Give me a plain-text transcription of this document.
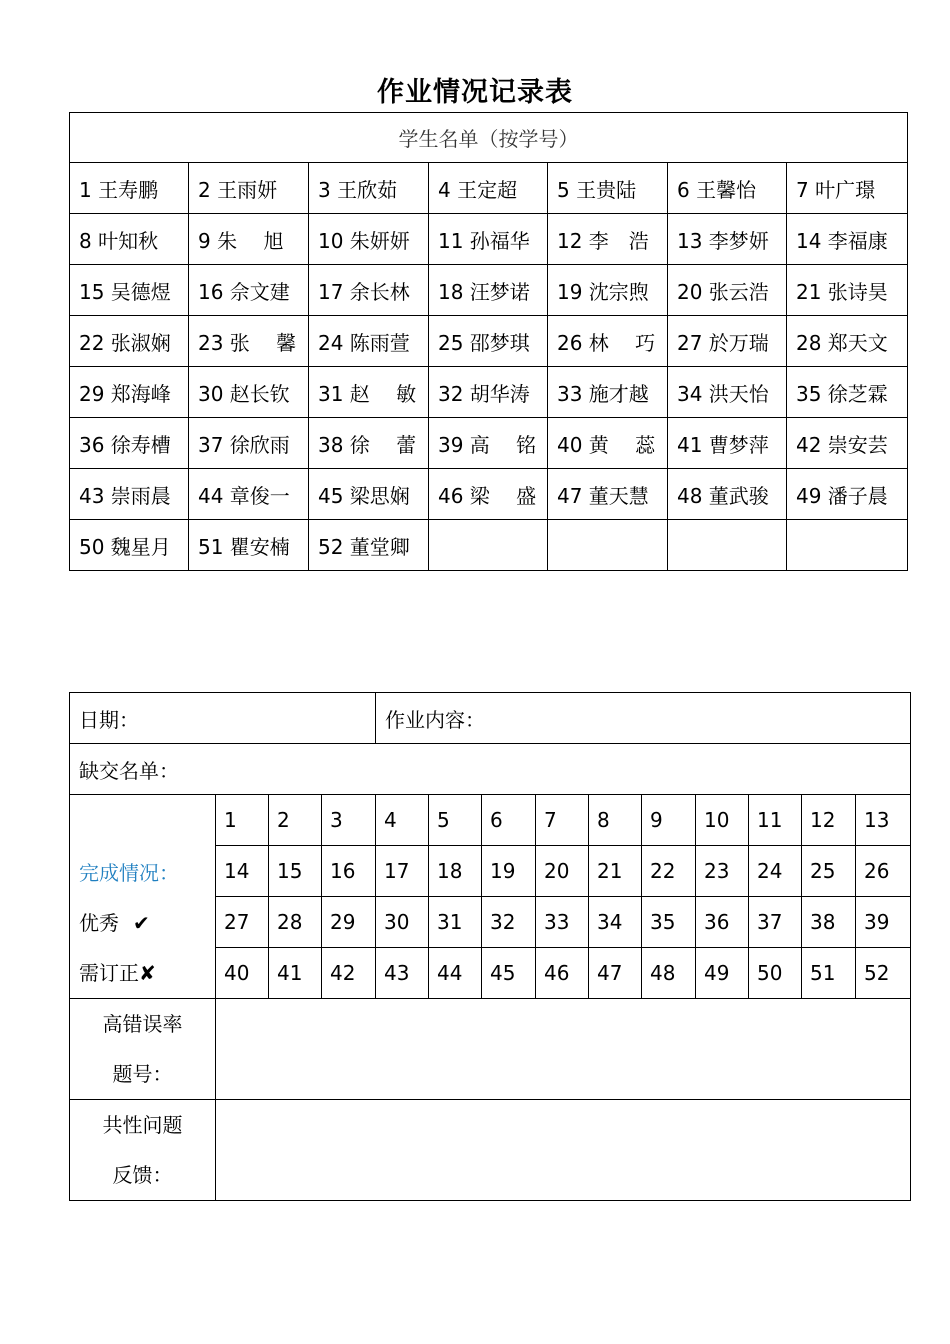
作业情况记录表
学生名单（按学号）						
1 王寿鹏	2 王雨妍	3 王欣茹	4 王定超	5 王贵陆	6 王馨怡	7 叶广璟
8 叶知秋	9 朱　 旭	10 朱妍妍	11 孙福华	12 李　浩	13 李梦妍	14 李福康
15 吴德煜	16 佘文建	17 余长林	18 汪梦诺	19 沈宗煦	20 张云浩	21 张诗昊
22 张淑娴	23 张　 馨	24 陈雨萱	25 邵梦琪	26 林　 巧	27 於万瑞	28 郑天文
29 郑海峰	30 赵长钦	31 赵　 敏	32 胡华涛	33 施才越	34 洪天怡	35 徐芝霖
36 徐寿槽	37 徐欣雨	38 徐　 蕾	39 高　 铭	40 黄　 蕊	41 曹梦萍	42 崇安芸
43 崇雨晨	44 章俊一	45 梁思娴	46 梁　 盛	47 董天慧	48 董武骏	49 潘子晨
50 魏星月	51 瞿安楠	52 董堂卿				
日期：				作业内容：									
缺交名单：													

完成情况：
优秀 ✔
需订正✘	1	2	3	4	5	6	7	8	9	10	11	12	13
	14	15	16	17	18	19	20	21	22	23	24	25	26
	27	28	29	30	31	32	33	34	35	36	37	38	39
	40	41	42	43	44	45	46	47	48	49	50	51	52

高错误率
题号：													

共性问题
反馈：													
